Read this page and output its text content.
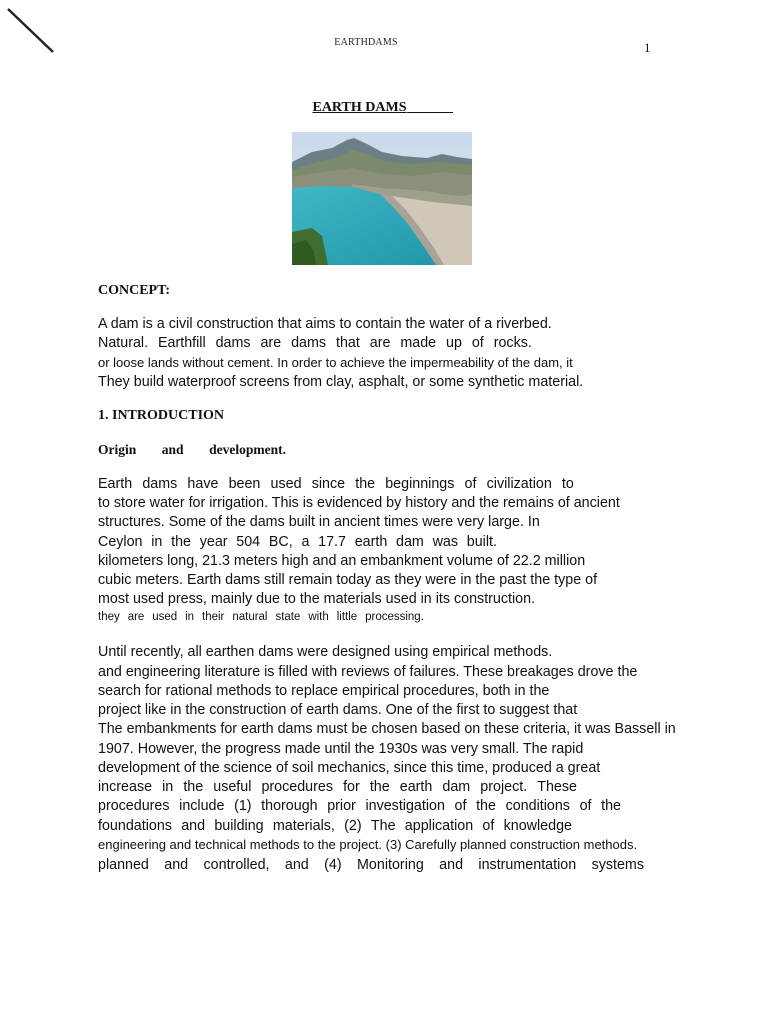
EARTHDAMS	1
EARTH DAMS
CONCEPT:
A dam is a civil construction that aims to contain the water of a riverbed.
Natural. Earthfill dams are dams that are made up of rocks.
or loose lands without cement. In order to achieve the impermeability of the dam, it
They build waterproof screens from clay, asphalt, or some synthetic material.
1. INTRODUCTION
Origin and development.
Earth dams have been used since the beginnings of civilization to
to store water for irrigation. This is evidenced by history and the remains of ancient
structures. Some of the dams built in ancient times were very large. In
Ceylon in the year 504 BC, a 17.7 earth dam was built.
kilometers long, 21.3 meters high and an embankment volume of 22.2 million
cubic meters. Earth dams still remain today as they were in the past the type of
most used press, mainly due to the materials used in its construction.
they are used in their natural state with little processing.
Until recently, all earthen dams were designed using empirical methods.
and engineering literature is filled with reviews of failures. These breakages drove the
search for rational methods to replace empirical procedures, both in the
project like in the construction of earth dams. One of the first to suggest that
The embankments for earth dams must be chosen based on these criteria, it was Bassell in
1907. However, the progress made until the 1930s was very small. The rapid
development of the science of soil mechanics, since this time, produced a great
increase in the useful procedures for the earth dam project. These
procedures include (1) thorough prior investigation of the conditions of the
foundations and building materials, (2) The application of knowledge
engineering and technical methods to the project. (3) Carefully planned construction methods.
planned and controlled, and (4) Monitoring and instrumentation systems
